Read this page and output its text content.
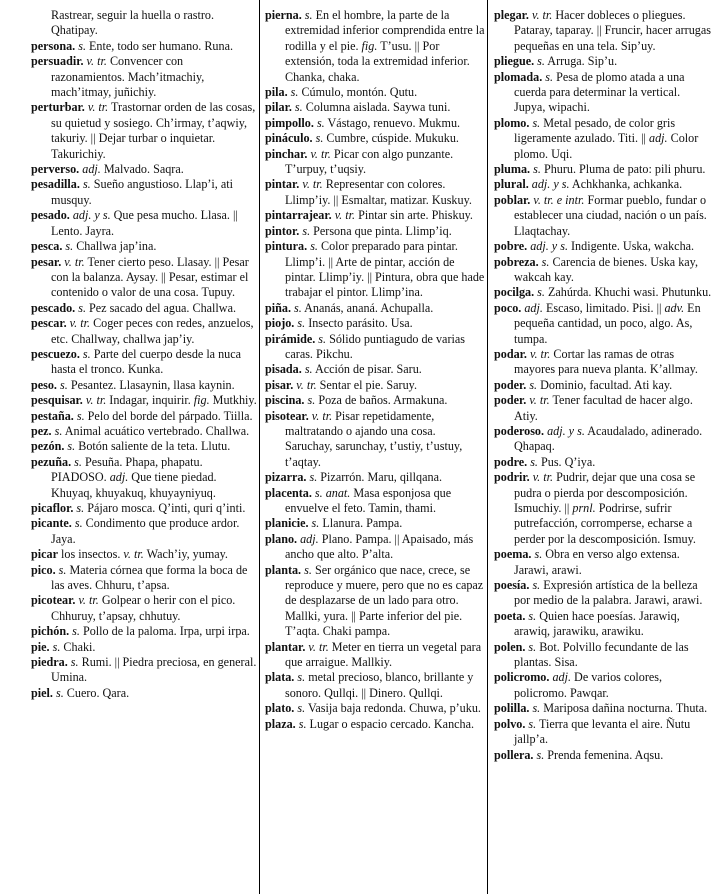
Rastrear, seguir la huella o rastro. Qhatipay.

persona. s. Ente, todo ser humano. Runa.

persuadir. v. tr. Convencer con razonamientos. Mach’itmachiy, mach’itmay, juñichiy.

perturbar. v. tr. Trastornar orden de las cosas, su quietud y sosiego. Ch’irmay, t’aqwiy, takuriy. || Dejar turbar o inquietar. Takurichiy.

perverso. adj. Malvado. Saqra.

pesadilla. s. Sueño angustioso. Llap’i, ati musquy.

pesado. adj. y s. Que pesa mucho. Llasa. || Lento. Jayra.

pesca. s. Challwa jap’ina.

pesar. v. tr. Tener cierto peso. Llasay. || Pesar con la balanza. Aysay. || Pesar, estimar el contenido o valor de una cosa. Tupuy.

pescado. s. Pez sacado del agua. Challwa.

pescar. v. tr. Coger peces con redes, anzuelos, etc. Challway, challwa jap’iy.

pescuezo. s. Parte del cuerpo desde la nuca hasta el tronco. Kunka.

peso. s. Pesantez. Llasaynin, llasa kaynin.

pesquisar. v. tr. Indagar, inquirir. fig. Mutkhiy.

pestaña. s. Pelo del borde del párpado. Tiilla.

pez. s. Animal acuático vertebrado. Challwa.

pezón. s. Botón saliente de la teta. Llutu.

pezuña. s. Pesuña. Phapa, phapatu. PIADOSO. adj. Que tiene piedad. Khuyaq, khuyakuq, khuyayniyuq.

picaflor. s. Pájaro mosca. Q’inti, quri q’inti.

picante. s. Condimento que produce ardor. Jaya.

picar los insectos. v. tr. Wach’iy, yumay.

pico. s. Materia córnea que forma la boca de las aves. Chhuru, t’apsa.

picotear. v. tr. Golpear o herir con el pico. Chhuruy, t’apsay, chhutuy.

pichón. s. Pollo de la paloma. Irpa, urpi irpa.

pie. s. Chaki.

piedra. s. Rumi. || Piedra preciosa, en general. Umina.

piel. s. Cuero. Qara.

pierna. s. En el hombre, la parte de la extremidad inferior comprendida entre la rodilla y el pie. fig. T’usu. || Por extensión, toda la extremidad inferior. Chanka, chaka.

pila. s. Cúmulo, montón. Qutu.

pilar. s. Columna aislada. Saywa tuni.

pimpollo. s. Vástago, renuevo. Mukmu.

pináculo. s. Cumbre, cúspide. Mukuku.

pinchar. v. tr. Picar con algo punzante. T’urpuy, t’uqsiy.

pintar. v. tr. Representar con colores. Llimp’iy. || Esmaltar, matizar. Kuskuy.

pintarrajear. v. tr. Pintar sin arte. Phiskuy.

pintor. s. Persona que pinta. Llimp’iq.

pintura. s. Color preparado para pintar. Llimp’i. || Arte de pintar, acción de pintar. Llimp’iy. || Pintura, obra que hade trabajar el pintor. Llimp’ina.

piña. s. Ananás, ananá. Achupalla.

piojo. s. Insecto parásito. Usa.

pirámide. s. Sólido puntiagudo de varias caras. Pikchu.

pisada. s. Acción de pisar. Saru.

pisar. v. tr. Sentar el pie. Saruy.

piscina. s. Poza de baños. Armakuna.

pisotear. v. tr. Pisar repetidamente, maltratando o ajando una cosa. Saruchay, sarunchay, t’ustiy, t’ustuy, t’aqtay.

pizarra. s. Pizarrón. Maru, qillqana.

placenta. s. anat. Masa esponjosa que envuelve el feto. Tamin, thami.

planicie. s. Llanura. Pampa.

plano. adj. Plano. Pampa. || Apaisado, más ancho que alto. P’alta.

planta. s. Ser orgánico que nace, crece, se reproduce y muere, pero que no es capaz de desplazarse de un lado para otro. Mallki, yura. || Parte inferior del pie. T’aqta. Chaki pampa.

plantar. v. tr. Meter en tierra un vegetal para que arraigue. Mallkiy.

plata. s. metal precioso, blanco, brillante y sonoro. Qullqi. || Dinero. Qullqi.

plato. s. Vasija baja redonda. Chuwa, p’uku.

plaza. s. Lugar o espacio cercado. Kancha.

plegar. v. tr. Hacer dobleces o pliegues. Pataray, taparay. || Fruncir, hacer arrugas pequeñas en una tela. Sip’uy.

pliegue. s. Arruga. Sip’u.

plomada. s. Pesa de plomo atada a una cuerda para determinar la vertical. Jupya, wipachi.

plomo. s. Metal pesado, de color gris ligeramente azulado. Titi. || adj. Color plomo. Uqi.

pluma. s. Phuru. Pluma de pato: pili phuru.

plural. adj. y s. Achkhanka, achkanka.

poblar. v. tr. e intr. Formar pueblo, fundar o establecer una ciudad, nación o un país. Llaqtachay.

pobre. adj. y s. Indigente. Uska, wakcha.

pobreza. s. Carencia de bienes. Uska kay, wakcah kay.

pocilga. s. Zahúrda. Khuchi wasi. Phutunku.

poco. adj. Escaso, limitado. Pisi. || adv. En pequeña cantidad, un poco, algo. As, tumpa.

podar. v. tr. Cortar las ramas de otras mayores para nueva planta. K’allmay.

poder. s. Dominio, facultad. Ati kay.

poder. v. tr. Tener facultad de hacer algo. Atiy.

poderoso. adj. y s. Acaudalado, adinerado. Qhapaq.

podre. s. Pus. Q’iya.

podrir. v. tr. Pudrir, dejar que una cosa se pudra o pierda por descomposición. Ismuchiy. || prnl. Podrirse, sufrir putrefacción, corromperse, echarse a perder por la descomposición. Ismuy.

poema. s. Obra en verso algo extensa. Jarawi, arawi.

poesía. s. Expresión artística de la belleza por medio de la palabra. Jarawi, arawi.

poeta. s. Quien hace poesías. Jarawiq, arawiq, jarawiku, arawiku.

polen. s. Bot. Polvillo fecundante de las plantas. Sisa.

policromo. adj. De varios colores, policromo. Pawqar.

polilla. s. Mariposa dañina nocturna. Thuta.

polvo. s. Tierra que levanta el aire. Ñutu jallp’a.

pollera. s. Prenda femenina. Aqsu.
